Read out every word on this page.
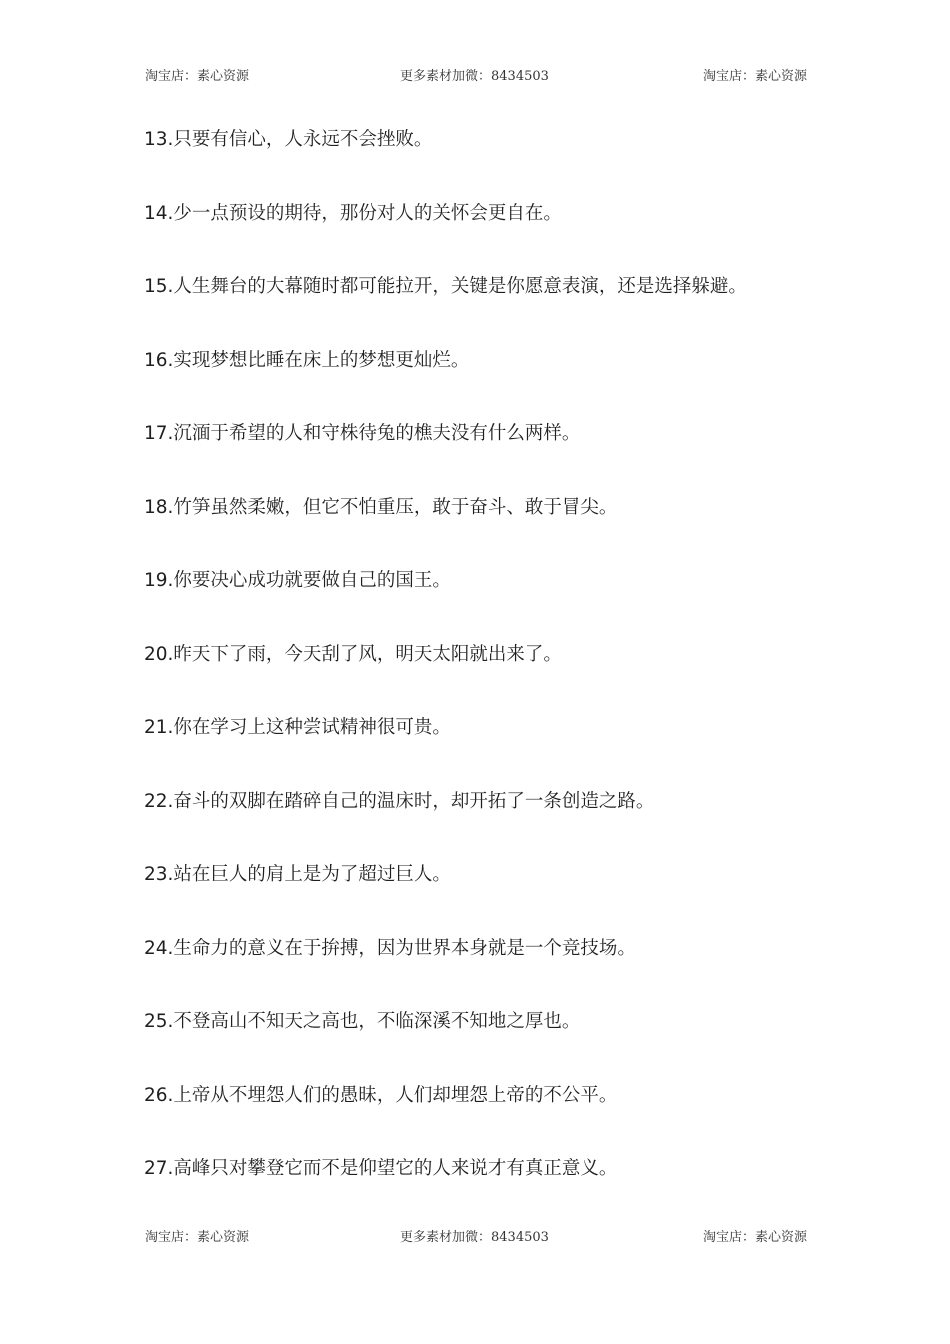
淘宝店：素心资源	更多素材加微：8434503	淘宝店：素心资源
13.只要有信心，人永远不会挫败。
14.少一点预设的期待，那份对人的关怀会更自在。
15.人生舞台的大幕随时都可能拉开，关键是你愿意表演，还是选择躲避。
16.实现梦想比睡在床上的梦想更灿烂。
17.沉湎于希望的人和守株待兔的樵夫没有什么两样。
18.竹笋虽然柔嫩，但它不怕重压，敢于奋斗、敢于冒尖。
19.你要决心成功就要做自己的国王。
20.昨天下了雨，今天刮了风，明天太阳就出来了。
21.你在学习上这种尝试精神很可贵。
22.奋斗的双脚在踏碎自己的温床时，却开拓了一条创造之路。
23.站在巨人的肩上是为了超过巨人。
24.生命力的意义在于拚搏，因为世界本身就是一个竞技场。
25.不登高山不知天之高也，不临深溪不知地之厚也。
26.上帝从不埋怨人们的愚昧，人们却埋怨上帝的不公平。
27.高峰只对攀登它而不是仰望它的人来说才有真正意义。
淘宝店：素心资源	更多素材加微：8434503	淘宝店：素心资源
